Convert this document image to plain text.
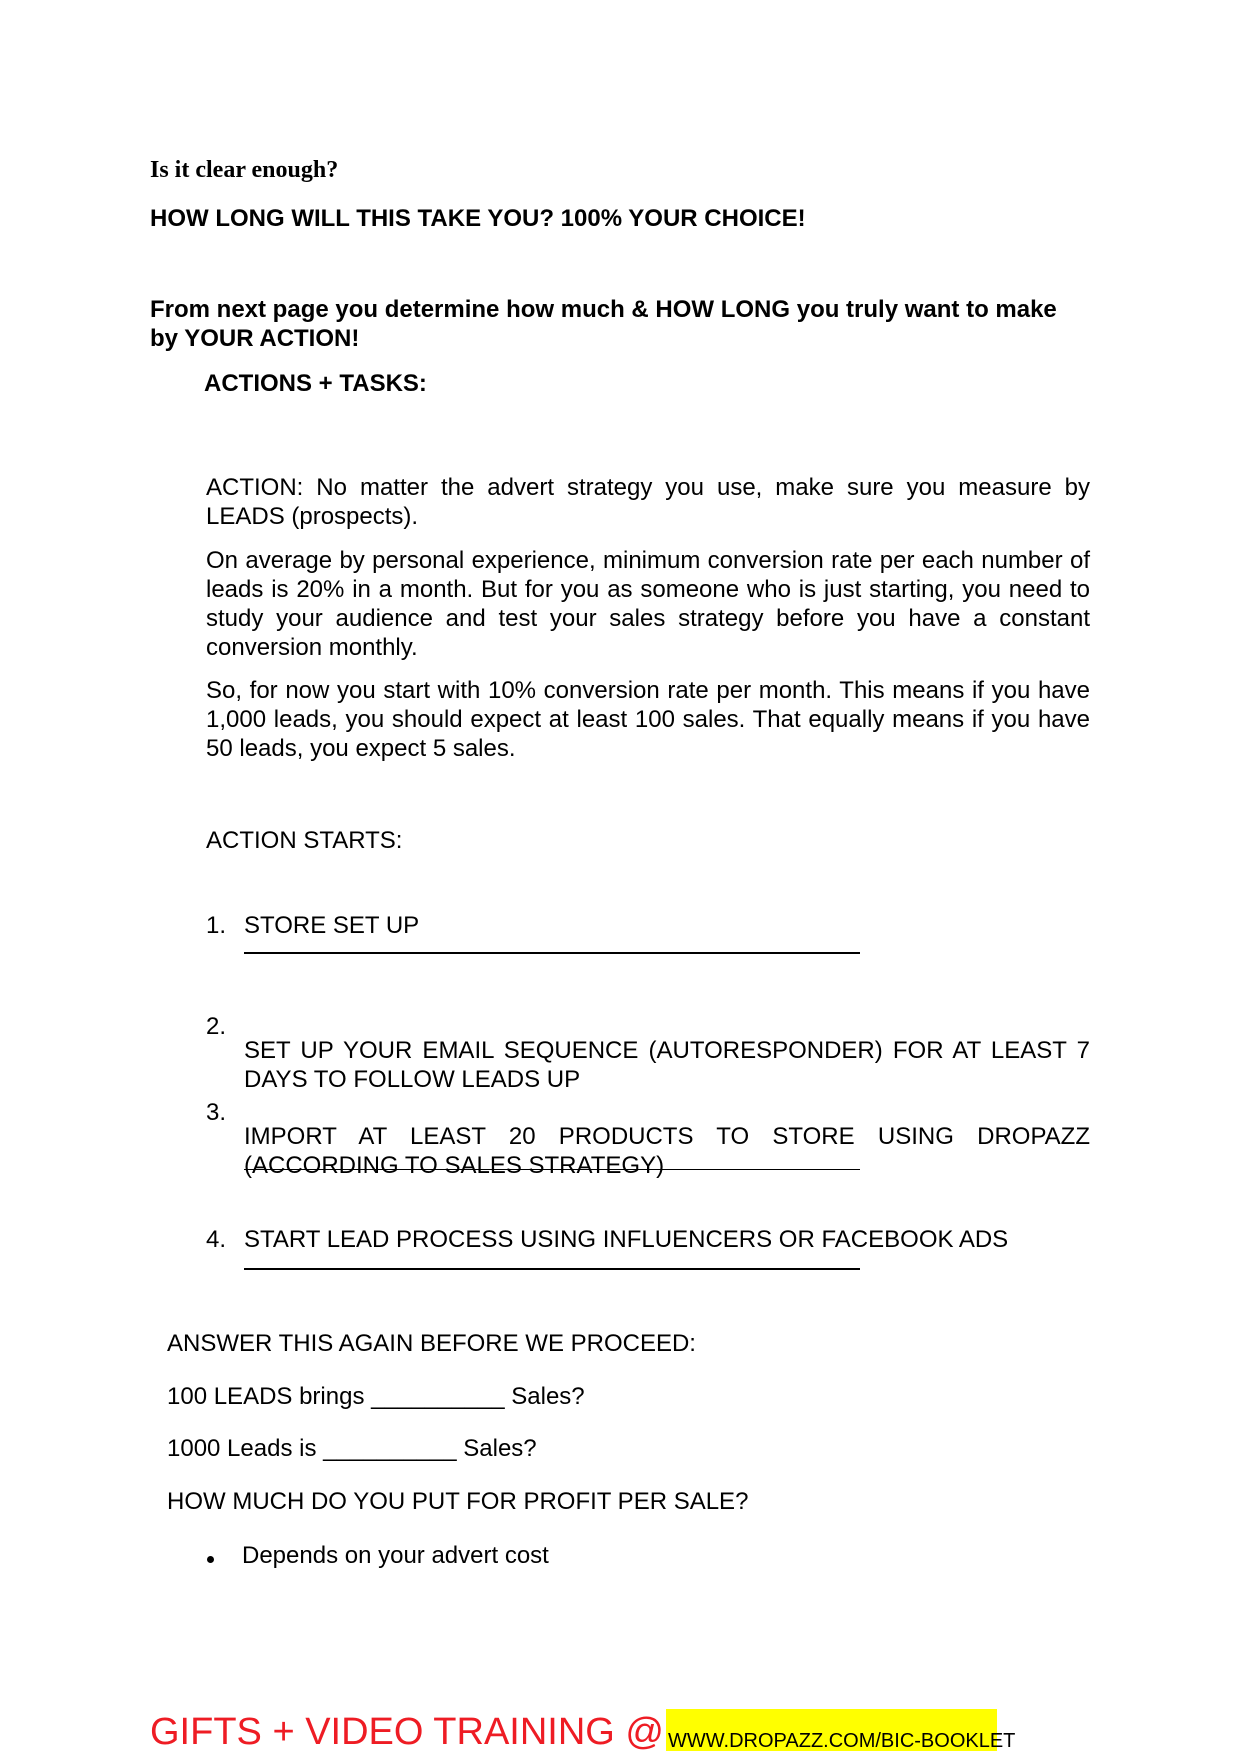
Is it clear enough?

HOW LONG WILL THIS TAKE YOU? 100% YOUR CHOICE!

From next page you determine how much & HOW LONG you truly want to make by YOUR ACTION!

ACTIONS + TASKS:

ACTION: No matter the advert strategy you use, make sure you measure by LEADS (prospects).

On average by personal experience, minimum conversion rate per each number of leads is 20% in a month. But for you as someone who is just starting, you need to study your audience and test your sales strategy before you have a constant conversion monthly.

So, for now you start with 10% conversion rate per month. This means if you have 1,000 leads, you should expect at least 100 sales. That equally means if you have 50 leads, you expect 5 sales.

ACTION STARTS:

1. STORE SET UP
2.

SET UP YOUR EMAIL SEQUENCE (AUTORESPONDER) FOR AT LEAST 7 DAYS TO FOLLOW LEADS UP

3.

IMPORT AT LEAST 20 PRODUCTS TO STORE USING DROPAZZ (ACCORDING TO SALES STRATEGY)

4. START LEAD PROCESS USING INFLUENCERS OR FACEBOOK ADS

ANSWER THIS AGAIN BEFORE WE PROCEED:

100 LEADS brings __________ Sales?

1000 Leads is __________ Sales?

HOW MUCH DO YOU PUT FOR PROFIT PER SALE?

Depends on your advert cost

GIFTS + VIDEO TRAINING @ WWW.DROPAZZ.COM/BIC-BOOKLET
